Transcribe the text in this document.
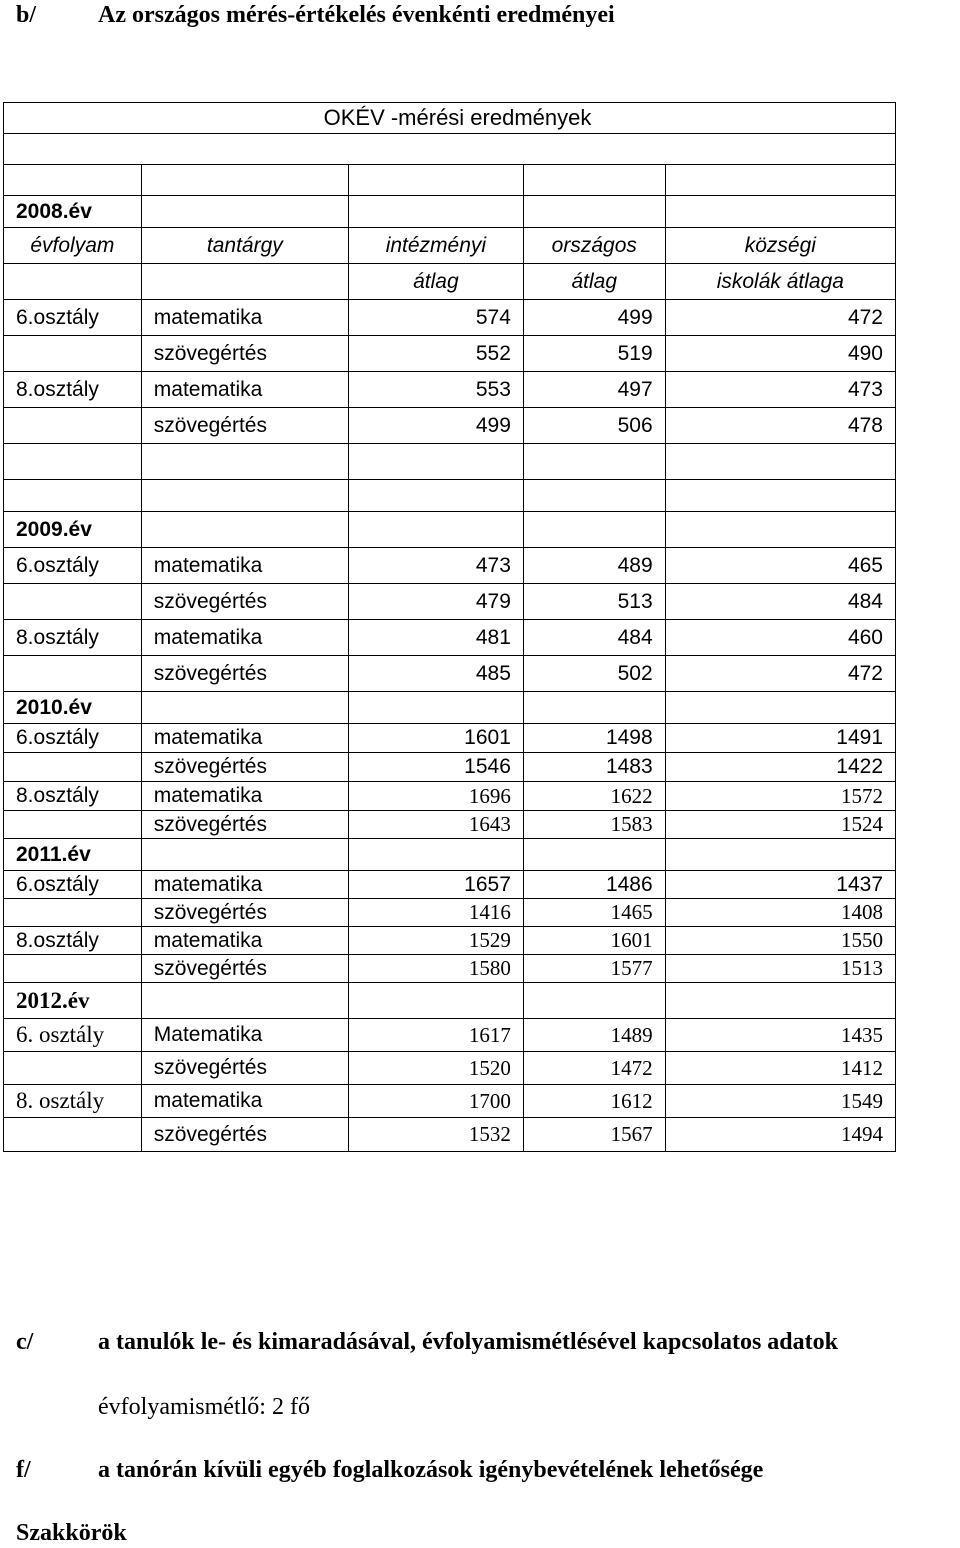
b/	Az országos mérés-értékelés évenkénti eredményei
OKÉV -mérési eredmények				

2008.év				
évfolyam	tantárgy	intézményi	országos	községi
		átlag	átlag	iskolák átlaga
6.osztály	matematika	574	499	472
	szövegértés	552	519	490
8.osztály	matematika	553	497	473
	szövegértés	499	506	478

2009.év				
6.osztály	matematika	473	489	465
	szövegértés	479	513	484
8.osztály	matematika	481	484	460
	szövegértés	485	502	472
2010.év				
6.osztály	matematika	1601	1498	1491
	szövegértés	1546	1483	1422
8.osztály	matematika	1696	1622	1572
	szövegértés	1643	1583	1524
2011.év				
6.osztály	matematika	1657	1486	1437
	szövegértés	1416	1465	1408
8.osztály	matematika	1529	1601	1550
	szövegértés	1580	1577	1513
2012.év				
6. osztály	Matematika	1617	1489	1435
	szövegértés	1520	1472	1412
8. osztály	matematika	1700	1612	1549
	szövegértés	1532	1567	1494
c/	a tanulók le- és kimaradásával, évfolyamismétlésével kapcsolatos adatok
évfolyamismétlő: 2 fő
f/	a tanórán kívüli egyéb foglalkozások igénybevételének lehetősége
Szakkörök
